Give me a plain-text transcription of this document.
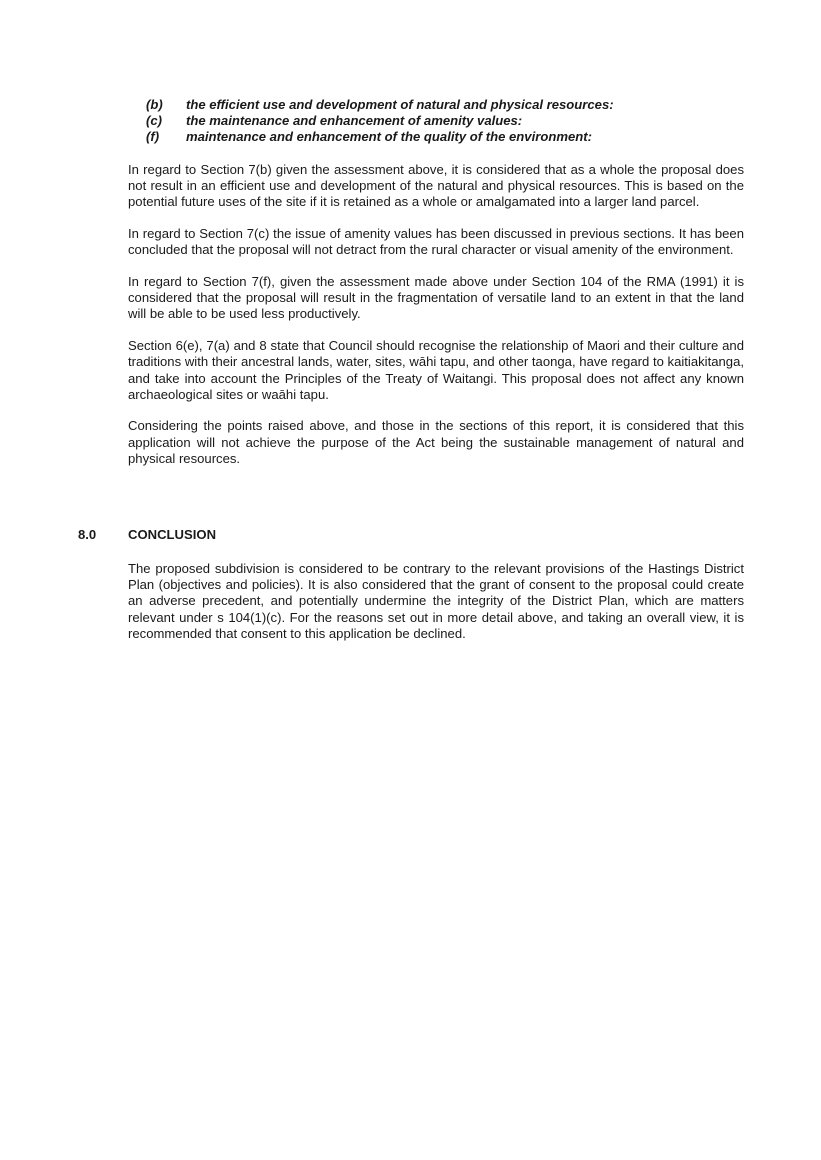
(b)	the efficient use and development of natural and physical resources:
(c)	the maintenance and enhancement of amenity values:
(f)	maintenance and enhancement of the quality of the environment:

In regard to Section 7(b) given the assessment above, it is considered that as a whole the proposal does not result in an efficient use and development of the natural and physical resources. This is based on the potential future uses of the site if it is retained as a whole or amalgamated into a larger land parcel.

In regard to Section 7(c) the issue of amenity values has been discussed in previous sections. It has been concluded that the proposal will not detract from the rural character or visual amenity of the environment.

In regard to Section 7(f), given the assessment made above under Section 104 of the RMA (1991) it is considered that the proposal will result in the fragmentation of versatile land to an extent in that the land will be able to be used less productively.

Section 6(e), 7(a) and 8 state that Council should recognise the relationship of Maori and their culture and traditions with their ancestral lands, water, sites, wāhi tapu, and other taonga, have regard to kaitiakitanga, and take into account the Principles of the Treaty of Waitangi. This proposal does not affect any known archaeological sites or waāhi tapu.

Considering the points raised above, and those in the sections of this report, it is considered that this application will not achieve the purpose of the Act being the sustainable management of natural and physical resources.

8.0	CONCLUSION

The proposed subdivision is considered to be contrary to the relevant provisions of the Hastings District Plan (objectives and policies). It is also considered that the grant of consent to the proposal could create an adverse precedent, and potentially undermine the integrity of the District Plan, which are matters relevant under s 104(1)(c). For the reasons set out in more detail above, and taking an overall view, it is recommended that consent to this application be declined.
